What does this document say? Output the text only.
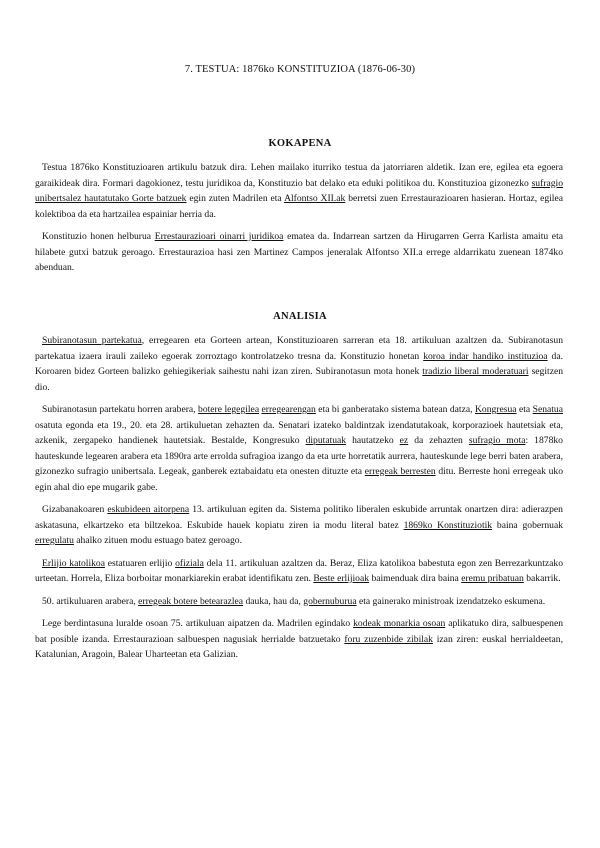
7. TESTUA: 1876ko KONSTITUZIOA (1876-06-30)
KOKAPENA

Testua 1876ko Konstituzioaren artikulu batzuk dira. Lehen mailako iturriko testua da jatorriaren aldetik. Izan ere, egilea eta egoera garaikideak dira. Formari dagokionez, testu juridikoa da, Konstituzio bat delako eta eduki politikoa du. Konstituzioa gizonezko sufragio unibertsalez hautatutako Gorte batzuek egin zuten Madrilen eta Alfontso XII.ak berretsi zuen Errestaurazioaren hasieran. Hortaz, egilea kolektiboa da eta hartzailea espainiar herria da.

Konstituzio honen helburua Errestaurazioari oinarri juridikoa ematea da. Indarrean sartzen da Hirugarren Gerra Karlista amaitu eta hilabete gutxi batzuk geroago. Errestaurazioa hasi zen Martinez Campos jeneralak Alfontso XII.a errege aldarrikatu zuenean 1874ko abenduan.

ANALISIA

Subiranotasun partekatua, erregearen eta Gorteen artean, Konstituzioaren sarreran eta 18. artikuluan azaltzen da. Subiranotasun partekatua izaera irauli zaileko egoerak zorroztago kontrolatzeko tresna da. Konstituzio honetan koroa indar handiko instituzioa da. Koroaren bidez Gorteen balizko gehiegikeriak saihestu nahi izan ziren. Subiranotasun mota honek tradizio liberal moderatuari segitzen dio.

Subiranotasun partekatu horren arabera, botere legegilea erregearengan eta bi ganberatako sistema batean datza, Kongresua eta Senatua osatuta egonda eta 19., 20. eta 28. artikuluetan zehazten da. Senatari izateko baldintzak izendatutakoak, korporazioek hautetsiak eta, azkenik, zergapeko handienek hautetsiak. Bestalde, Kongresuko diputatuak hautatzeko ez da zehazten sufragio mota: 1878ko hauteskunde legearen arabera eta 1890ra arte erroldа sufragioa izango da eta urte horretatik aurrera, hauteskunde lege berri baten arabera, gizonezko sufragio unibertsala. Legeak, ganberek eztabaidatu eta onesten dituzte eta erregeak berresten ditu. Berreste honi erregeak uko egin ahal dio epe mugarik gabe.

Gizabanakoaren eskubideen aitorpena 13. artikuluan egiten da. Sistema politiko liberalen eskubide arruntak onartzen dira: adierazpen askatasuna, elkartzeko eta biltzekoa. Eskubide hauek kopiatu ziren iа modu literal batez 1869ko Konstituziotik baina gobernuak erregulatu ahalko zituen modu estuago batez geroago.

Erlijio katolikoa estatuaren erlijio ofiziala dela 11. artikuluan azaltzen da. Beraz, Eliza katolikoa babestuta egon zen Berrezarkuntzako urteetan. Horrela, Eliza borboitar monarkiarekin erabat identifikatu zen. Beste erlijioak baimenduak dira baina eremu pribatuan bakarrik.

50. artikuluaren arabera, erregeak botere betearazlea dauka, hau da, gobernuburua eta gainerako ministroak izendatzeko eskumena.

Lege berdintasuna luralde osoan 75. artikuluan aipatzen da. Madrilen egindako kodeak monarkia osoan aplikatuko dira, salbuespenen bat posible izanda. Errestaurazioan salbuespen nagusiak herrialde batzuetako foru zuzenbide zibilak izan ziren: euskal herrialdeetan, Katalunian, Aragoin, Balear Uharteetan eta Galizian.
